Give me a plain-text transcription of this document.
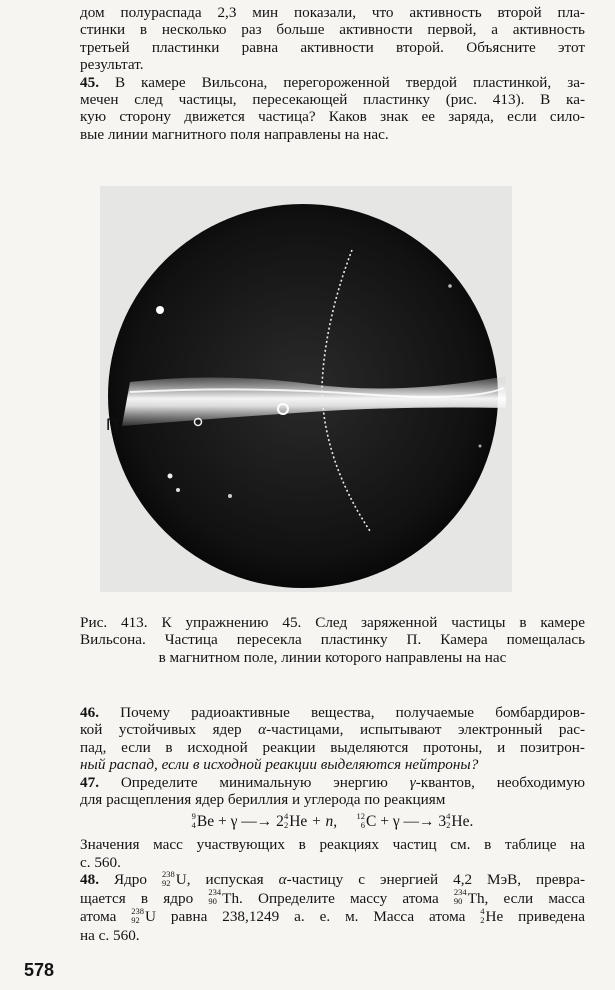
дом полураспада 2,3 мин показали, что активность второй пла-
стинки в несколько раз больше активности первой, а активность
третьей пластинки равна активности второй. Объясните этот
результат.
45. В камере Вильсона, перегороженной твердой пластинкой, за-
мечен след частицы, пересекающей пластинку (рис. 413). В ка-
кую сторону движется частица? Каков знак ее заряда, если сило-
вые линии магнитного поля направлены на нас.
П
Рис. 413. К упражнению 45. След заряженной частицы в камере
Вильсона. Частица пересекла пластинку П. Камера помещалась
в магнитном поле, линии которого направлены на нас
46. Почему радиоактивные вещества, получаемые бомбардиров-
кой устойчивых ядер α-частицами, испытывают электронный рас-
пад, если в исходной реакции выделяются протоны, и позитрон-
ный распад, если в исходной реакции выделяются нейтроны?
47. Определите минимальную энергию γ-квантов, необходимую
для расщепления ядер бериллия и углерода по реакциям
9
4 Be + γ —→ 2 4
2 He + n, 12
6 C + γ —→ 3 4
2 He.
Значения масс участвующих в реакциях частиц см. в таблице на
с. 560.
48. Ядро 238
92 U, испуская α-частицу с энергией 4,2 МэВ, превра-
щается в ядро 234
90 Th. Определите массу атома 234
90 Th, если масса
атома 238
92 U равна 238,1249 а. е. м. Масса атома 4
2 He приведена
на с. 560.
578
